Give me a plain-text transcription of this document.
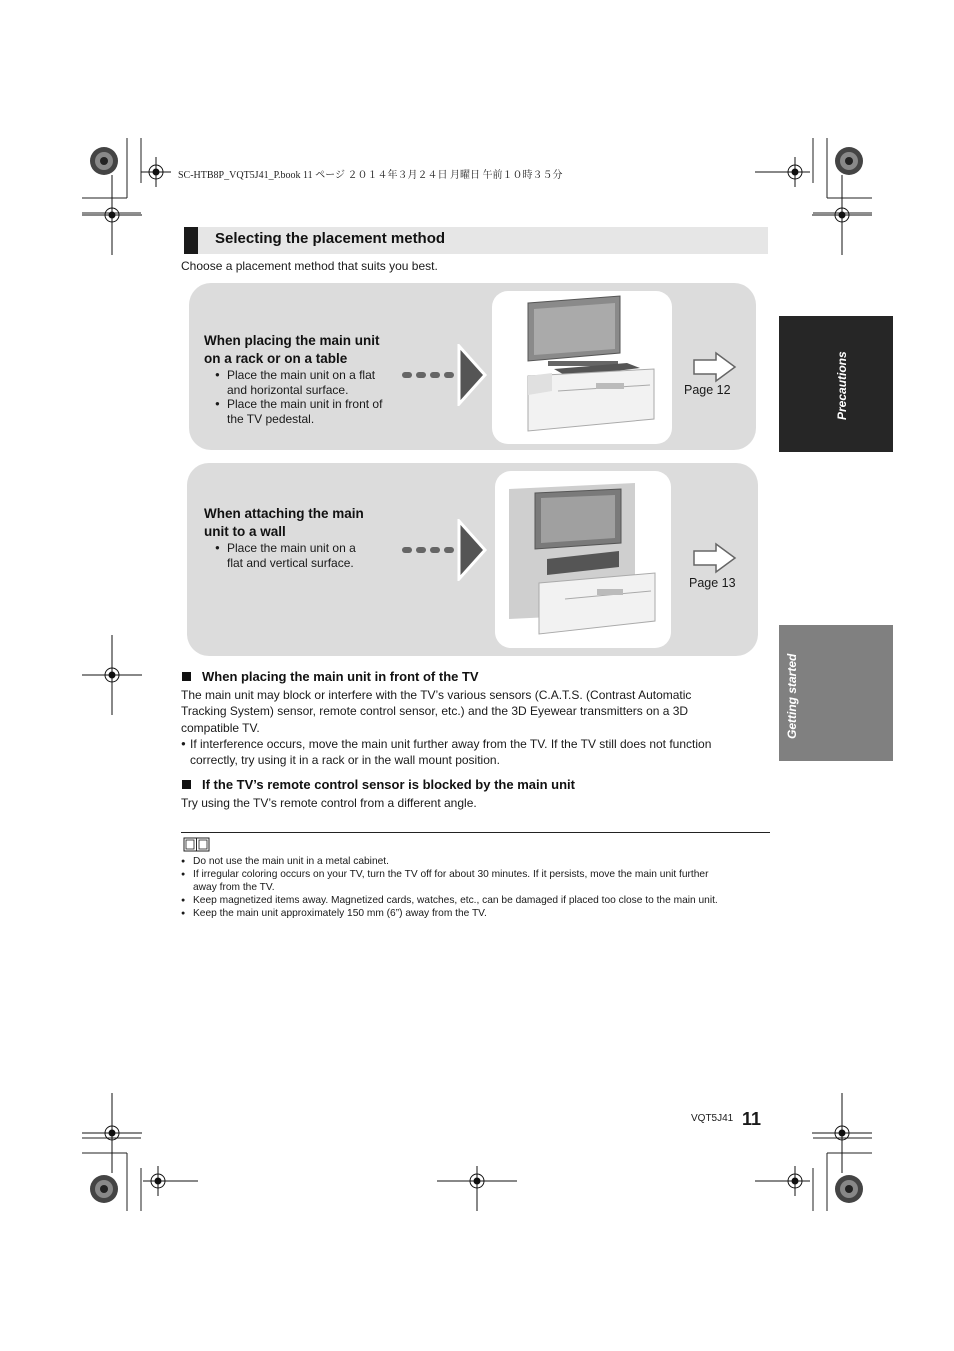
SC-HTB8P_VQT5J41_P.book 11 ページ ２０１４年３月２４日 月曜日 午前１０時３５分
Precautions
Getting started
Selecting the placement method
Choose a placement method that suits you best.
When placing the main unit
on a rack or on a table
● Place the main unit on a flat
and horizontal surface.
● Place the main unit in front of
the TV pedestal.
Page 12
When attaching the main
unit to a wall
● Place the main unit on a
flat and vertical surface.
Page 13
When placing the main unit in front of the TV
The main unit may block or interfere with the TV’s various sensors (C.A.T.S. (Contrast Automatic
Tracking System) sensor, remote control sensor, etc.) and the 3D Eyewear transmitters on a 3D
compatible TV.
● If interference occurs, move the main unit further away from the TV. If the TV still does not function
correctly, try using it in a rack or in the wall mount position.
If the TV’s remote control sensor is blocked by the main unit
Try using the TV’s remote control from a different angle.
● Do not use the main unit in a metal cabinet.
● If irregular coloring occurs on your TV, turn the TV off for about 30 minutes. If it persists, move the main unit further
away from the TV.
● Keep magnetized items away. Magnetized cards, watches, etc., can be damaged if placed too close to the main unit.
● Keep the main unit approximately 150 mm (6”) away from the TV.
VQT5J41 11
